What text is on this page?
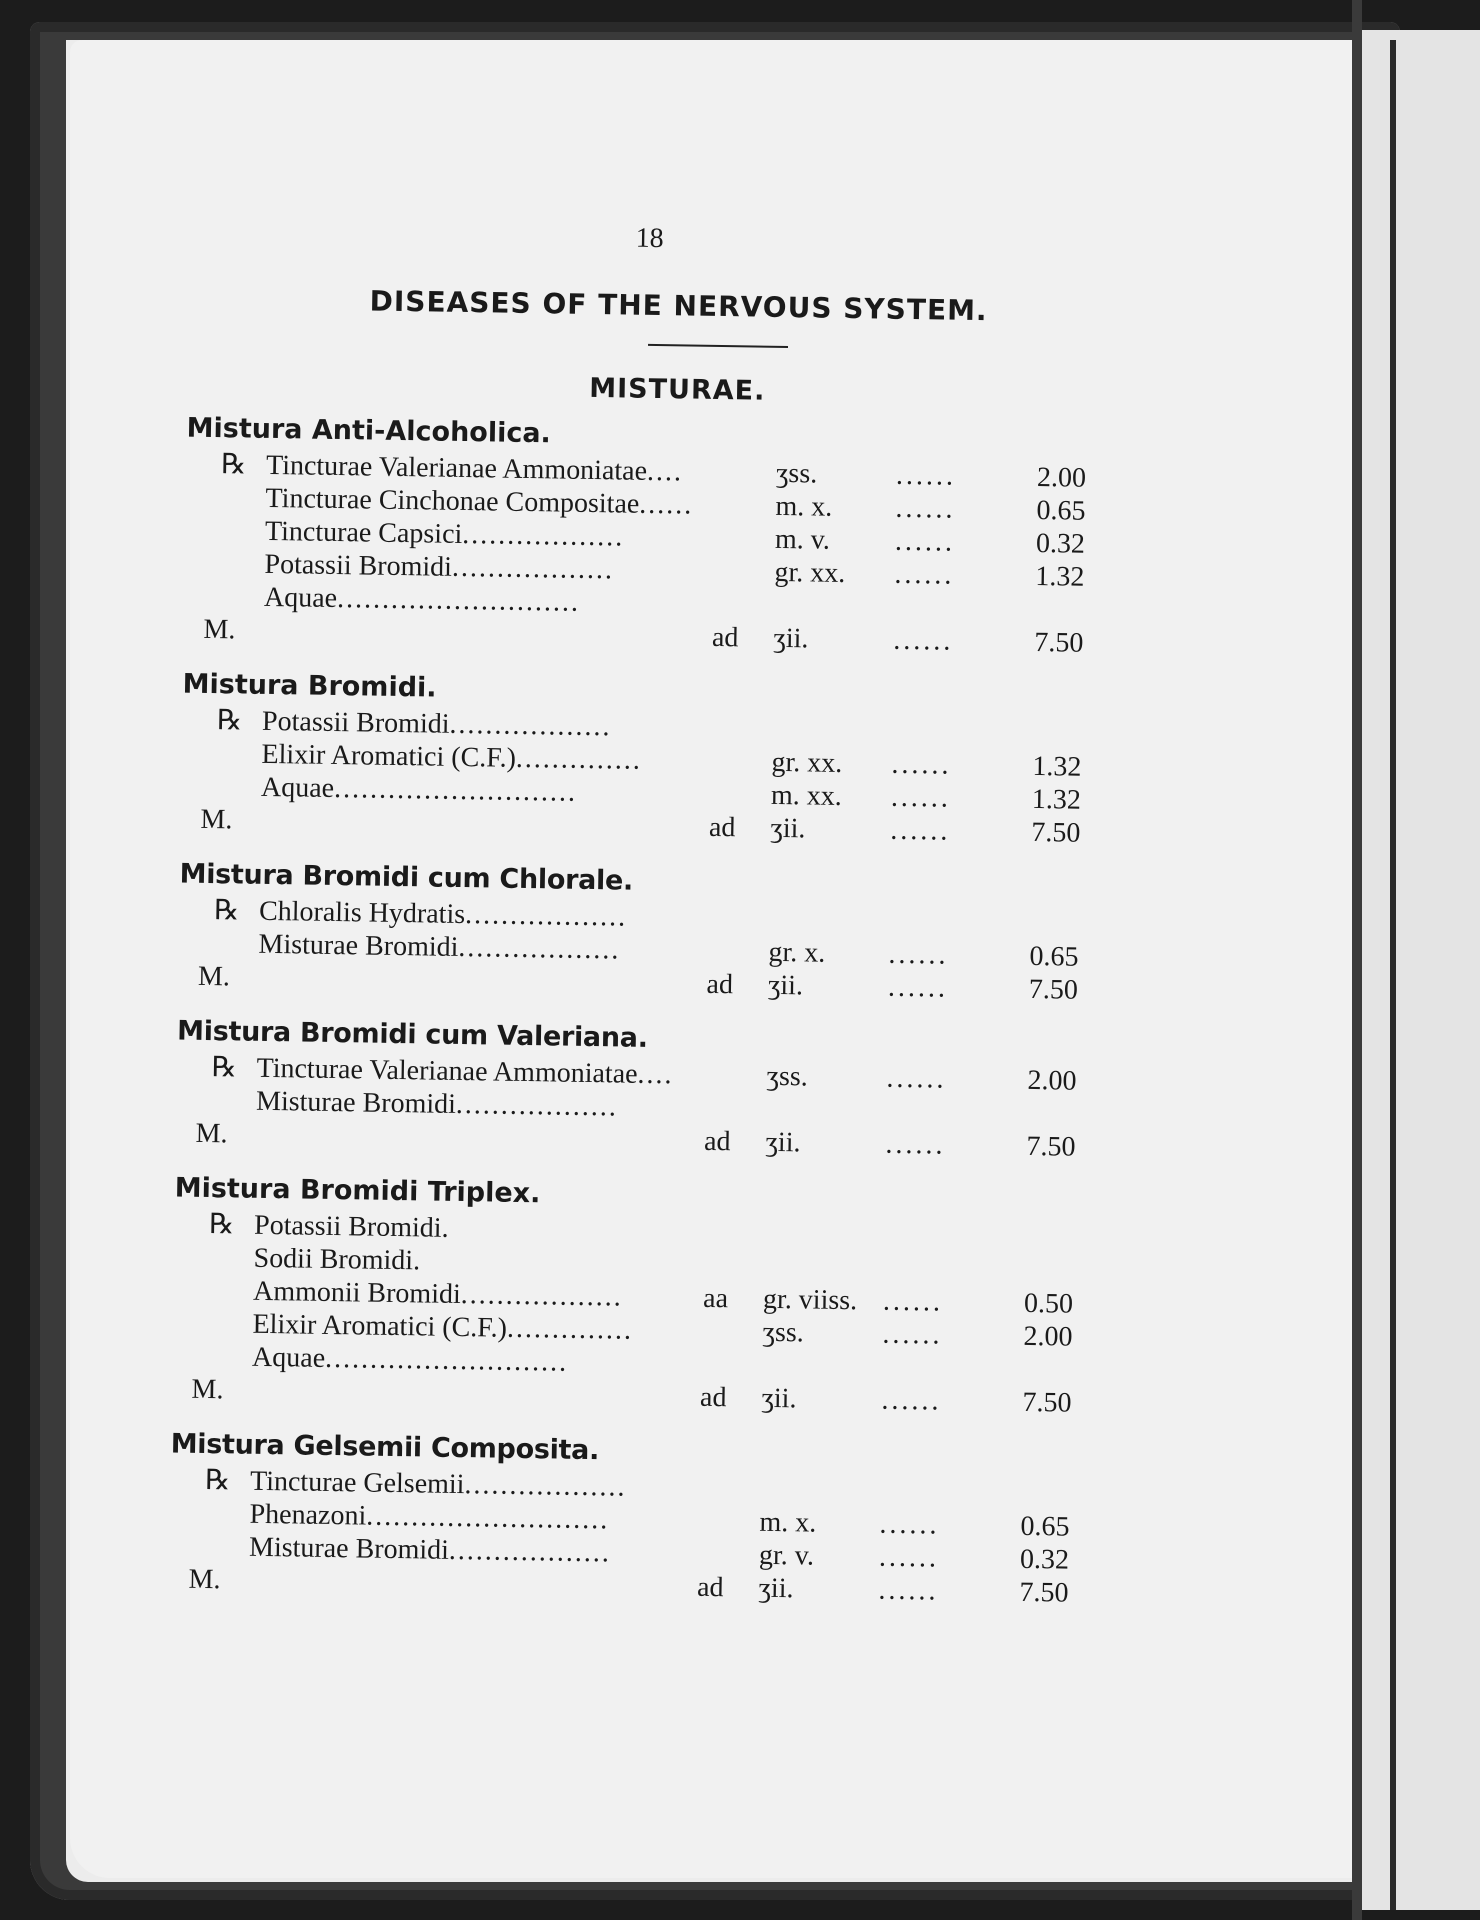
18
DISEASES OF THE NERVOUS SYSTEM.
MISTURAE.
Mistura Anti-Alcoholica.
℞ Tincturae Valerianae Ammoniatae....	ʒss.	......	2.00
Tincturae Cinchonae Compositae......	m. x. ......	0.65
Tincturae Capsici..................	m. v. ......	0.32
Potassii Bromidi..................	gr. xx. ......	1.32
Aquae...........................
M.	ad ʒii.	......	7.50
Mistura Bromidi.
℞ Potassii Bromidi..................
Elixir Aromatici (C.F.)..............	gr. xx. ......	1.32
Aquae...........................	m. xx. ......	1.32
M.	ad ʒii.	......	7.50
Mistura Bromidi cum Chlorale.
℞ Chloralis Hydratis..................
Misturae Bromidi..................	gr. x. ......	0.65
M.	ad ʒii.	......	7.50
Mistura Bromidi cum Valeriana.
℞ Tincturae Valerianae Ammoniatae....	ʒss.	......	2.00
Misturae Bromidi..................
M.	ad ʒii.	......	7.50
Mistura Bromidi Triplex.
℞ Potassii Bromidi.
Sodii Bromidi.
Ammonii Bromidi..................	aa gr. viiss. ......	0.50
Elixir Aromatici (C.F.)..............	ʒss.	......	2.00
Aquae...........................
M.	ad ʒii.	......	7.50
Mistura Gelsemii Composita.
℞ Tincturae Gelsemii..................
Phenazoni...........................	m. x. ......	0.65
Misturae Bromidi..................	gr. v. ......	0.32
M.	ad ʒii.	......	7.50
